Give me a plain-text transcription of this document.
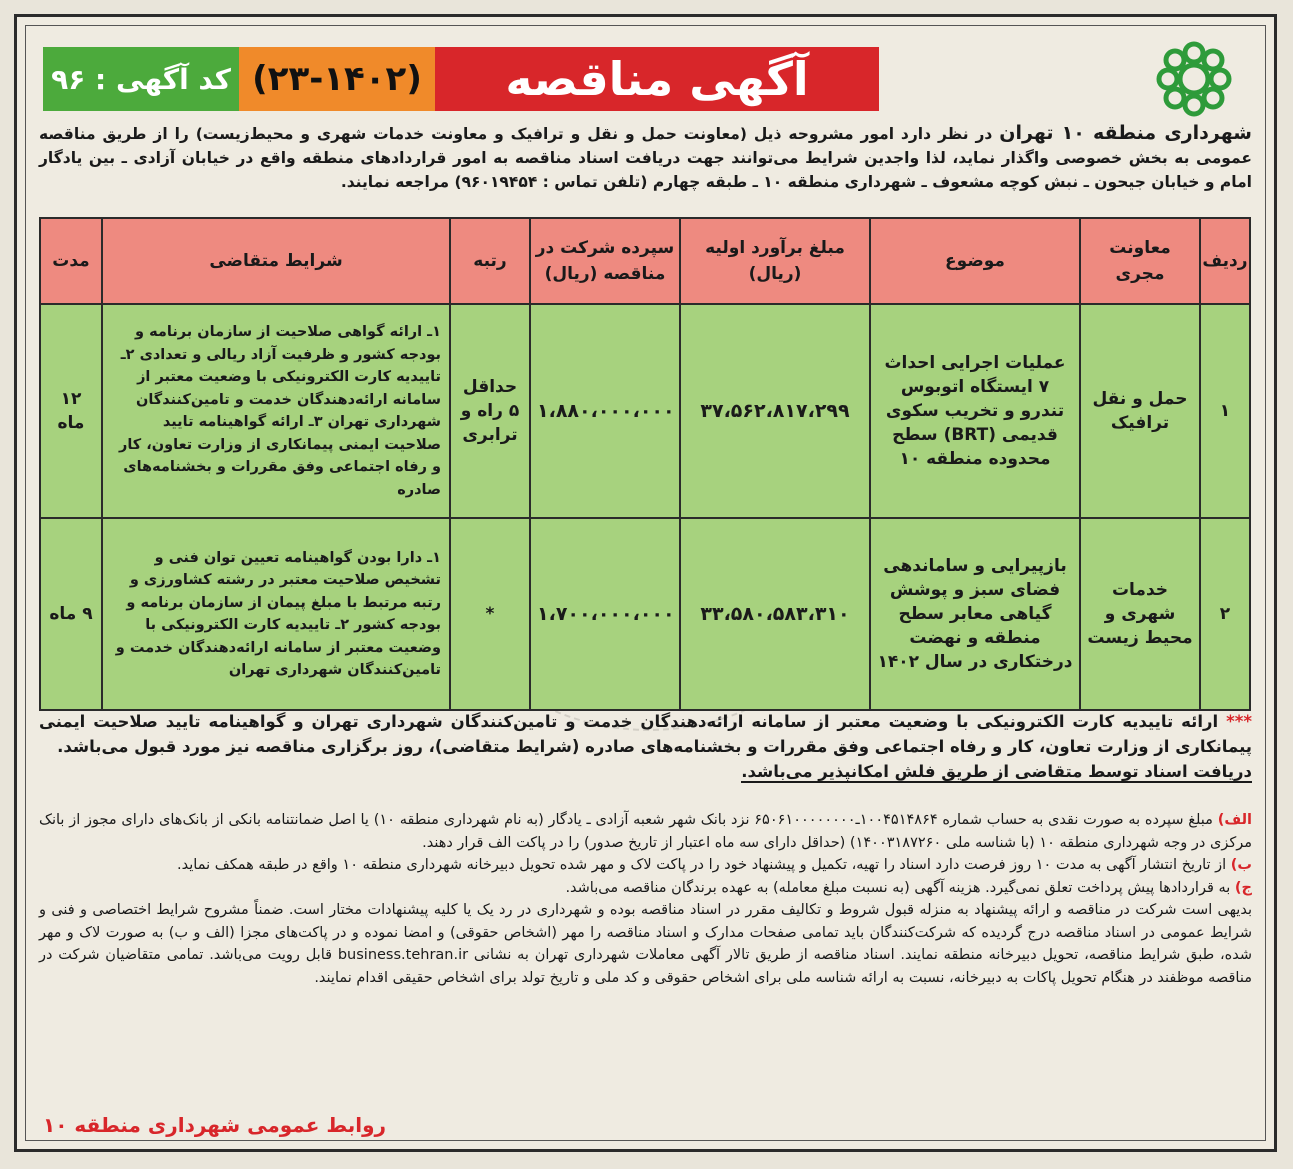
آگهی مناقصه
(۲۳-۱۴۰۲)
کد آگهی : ۹۶
شهرداری منطقه ۱۰ تهران در نظر دارد امور مشروحه ذیل (معاونت حمل و نقل و ترافیک و معاونت خدمات شهری و محیط‌زیست) را از طریق مناقصه عمومی به بخش خصوصی واگذار نماید، لذا واجدین شرایط می‌توانند جهت دریافت اسناد مناقصه به امور قراردادهای منطقه واقع در خیابان آزادی ـ بین یادگار امام و خیابان جیحون ـ نبش کوچه مشعوف ـ شهرداری منطقه ۱۰ ـ طبقه چهارم (تلفن تماس : ۹۶۰۱۹۴۵۴) مراجعه نمایند.
ردیف	معاونت مجری	موضوع	مبلغ برآورد اولیه (ریال)	سپرده شرکت در مناقصه (ریال)	رتبه	شرایط متقاضی	مدت
۱	حمل و نقل ترافیک	عملیات اجرایی احداث ۷ ایستگاه اتوبوس تندرو و تخریب سکوی قدیمی (BRT) سطح محدوده منطقه ۱۰	۳۷،۵۶۲،۸۱۷،۲۹۹	۱،۸۸۰،۰۰۰،۰۰۰	حداقل ۵ راه و ترابری	۱ـ ارائه گواهی صلاحیت از سازمان برنامه و بودجه کشور و ظرفیت آزاد ریالی و تعدادی ۲ـ تاییدیه کارت الکترونیکی با وضعیت معتبر از سامانه ارائه‌دهندگان خدمت و تامین‌کنندگان شهرداری تهران ۳ـ ارائه گواهینامه تایید صلاحیت ایمنی پیمانکاری از وزارت تعاون، کار و رفاه اجتماعی وفق مقررات و بخشنامه‌های صادره	۱۲ ماه
۲	خدمات شهری و محیط زیست	بازپیرایی و ساماندهی فضای سبز و پوشش گیاهی معابر سطح منطقه و نهضت درختکاری در سال ۱۴۰۲	۳۳،۵۸۰،۵۸۳،۳۱۰	۱،۷۰۰،۰۰۰،۰۰۰	*	۱ـ دارا بودن گواهینامه تعیین توان فنی و تشخیص صلاحیت معتبر در رشته کشاورزی و رتبه مرتبط با مبلغ پیمان از سازمان برنامه و بودجه کشور ۲ـ تاییدیه کارت الکترونیکی با وضعیت معتبر از سامانه ارائه‌دهندگان خدمت و تامین‌کنندگان شهرداری تهران	۹ ماه
*** ارائه تاییدیه کارت الکترونیکی با وضعیت معتبر از سامانه ارائه‌دهندگان خدمت و تامین‌کنندگان شهرداری تهران و گواهینامه تایید صلاحیت ایمنی پیمانکاری از وزارت تعاون، کار و رفاه اجتماعی وفق مقررات و بخشنامه‌های صادره (شرایط متقاضی)، روز برگزاری مناقصه نیز مورد قبول می‌باشد.
دریافت اسناد توسط متقاضی از طریق فلش امکانپذیر می‌باشد.

الف) مبلغ سپرده به صورت نقدی به حساب شماره ۱۰۰۴۵۱۴۸۶۴ـ۶۵۰۶۱۰۰۰۰۰۰۰۰ نزد بانک شهر شعبه آزادی ـ یادگار (به نام شهرداری منطقه ۱۰) یا اصل ضمانتنامه بانکی از بانک‌های دارای مجوز از بانک مرکزی در وجه شهرداری منطقه ۱۰ (با شناسه ملی ۱۴۰۰۳۱۸۷۲۶۰) (حداقل دارای سه ماه اعتبار از تاریخ صدور) را در پاکت الف قرار دهند.

ب) از تاریخ انتشار آگهی به مدت ۱۰ روز فرصت دارد اسناد را تهیه، تکمیل و پیشنهاد خود را در پاکت لاک و مهر شده تحویل دبیرخانه شهرداری منطقه ۱۰ واقع در طبقه همکف نماید.

ج) به قراردادها پیش پرداخت تعلق نمی‌گیرد. هزینه آگهی (به نسبت مبلغ معامله) به عهده برندگان مناقصه می‌باشد.

بدیهی است شرکت در مناقصه و ارائه پیشنهاد به منزله قبول شروط و تکالیف مقرر در اسناد مناقصه بوده و شهرداری در رد یک یا کلیه پیشنهادات مختار است. ضمناً مشروح شرایط اختصاصی و فنی و شرایط عمومی در اسناد مناقصه درج گردیده که شرکت‌کنندگان باید تمامی صفحات مدارک و اسناد مناقصه را مهر (اشخاص حقوقی) و امضا نموده و در پاکت‌های مجزا (الف و ب) به صورت لاک و مهر شده، طبق شرایط مناقصه، تحویل دبیرخانه منطقه نمایند. اسناد مناقصه از طریق تالار آگهی معاملات شهرداری تهران به نشانی business.tehran.ir قابل رویت می‌باشد. تمامی متقاضیان شرکت در مناقصه موظفند در هنگام تحویل پاکات به دبیرخانه، نسبت به ارائه شناسه ملی برای اشخاص حقوقی و کد ملی و تاریخ تولد برای اشخاص حقیقی اقدام نمایند.

روابط عمومی شهرداری منطقه ۱۰
